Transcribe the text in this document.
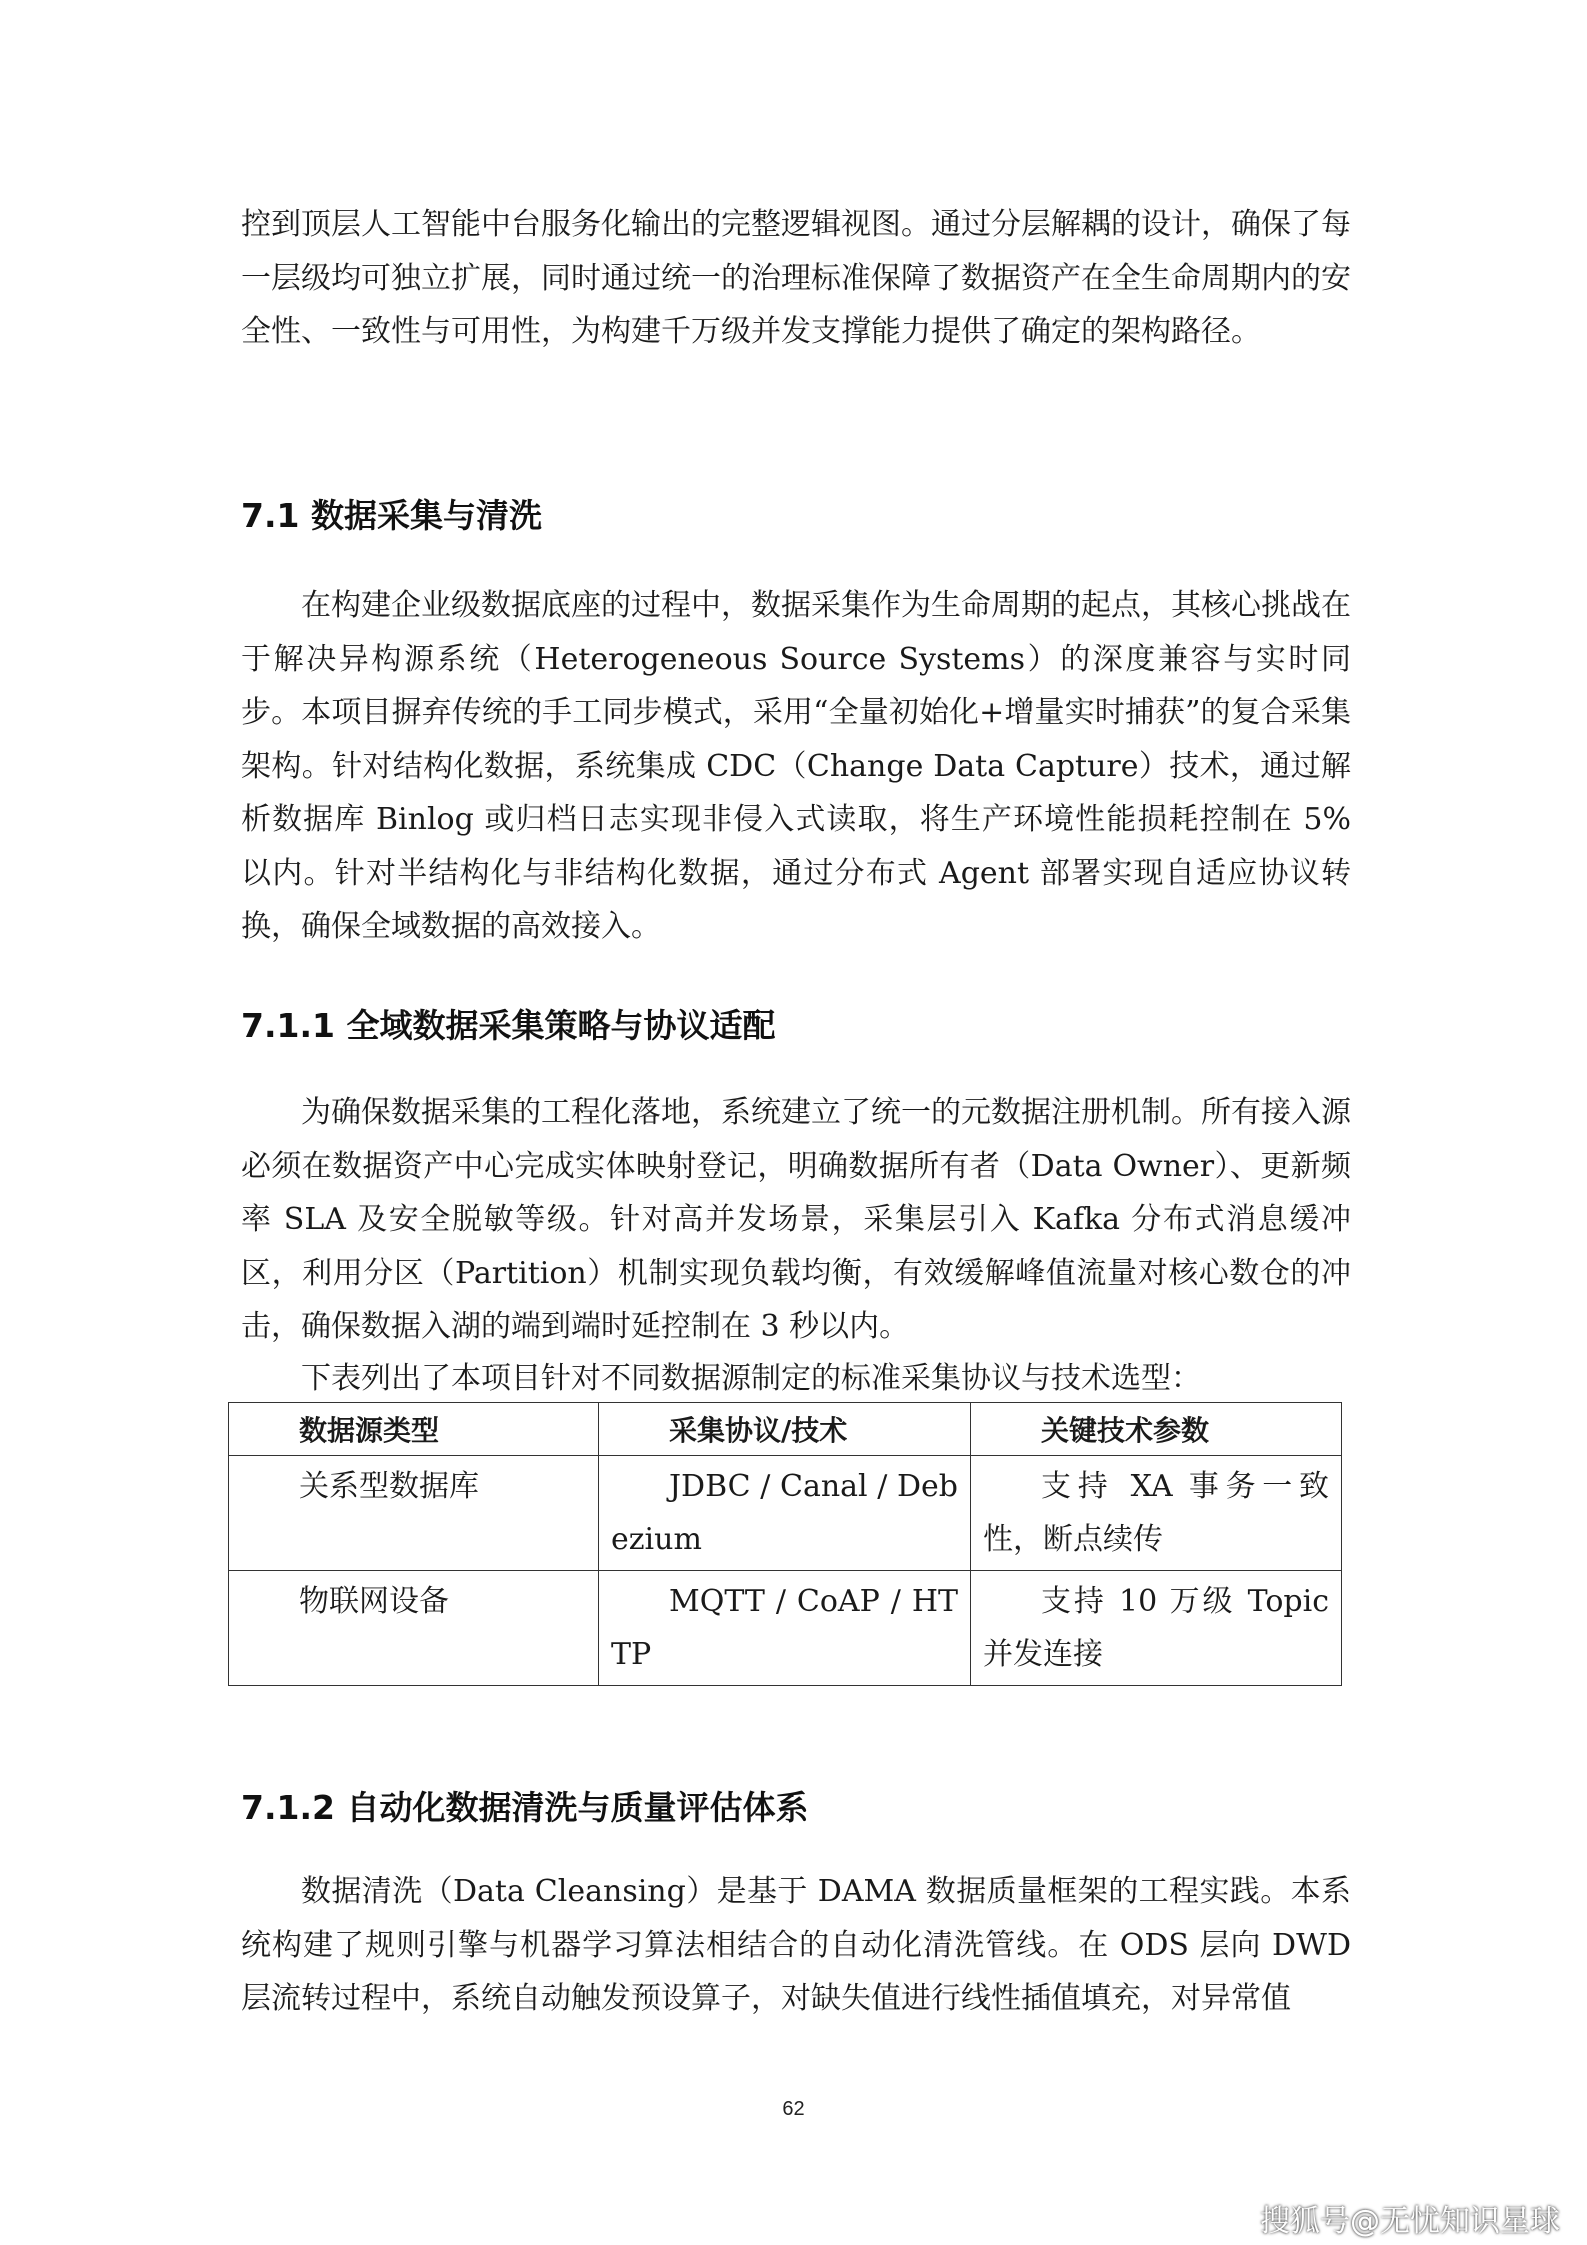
控到顶层人工智能中台服务化输出的完整逻辑视图。通过分层解耦的设计，确保了每一层级均可独立扩展，同时通过统一的治理标准保障了数据资产在全生命周期内的安全性、一致性与可用性，为构建千万级并发支撑能力提供了确定的架构路径。

7.1 数据采集与清洗

在构建企业级数据底座的过程中，数据采集作为生命周期的起点，其核心挑战在于解决异构源系统（Heterogeneous Source Systems）的深度兼容与实时同步。本项目摒弃传统的手工同步模式，采用“全量初始化+增量实时捕获”的复合采集架构。针对结构化数据，系统集成 CDC（Change Data Capture）技术，通过解析数据库 Binlog 或归档日志实现非侵入式读取，将生产环境性能损耗控制在 5% 以内。针对半结构化与非结构化数据，通过分布式 Agent 部署实现自适应协议转换，确保全域数据的高效接入。

7.1.1 全域数据采集策略与协议适配

为确保数据采集的工程化落地，系统建立了统一的元数据注册机制。所有接入源必须在数据资产中心完成实体映射登记，明确数据所有者（Data Owner）、更新频率 SLA 及安全脱敏等级。针对高并发场景，采集层引入 Kafka 分布式消息缓冲区，利用分区（Partition）机制实现负载均衡，有效缓解峰值流量对核心数仓的冲击，确保数据入湖的端到端时延控制在 3 秒以内。

下表列出了本项目针对不同数据源制定的标准采集协议与技术选型：

数据源类型	采集协议/技术	关键技术参数
关系型数据库	JDBC / Canal / Debezium	支持 XA 事务一致性，断点续传
物联网设备	MQTT / CoAP / HTTP	支持 10 万级 Topic 并发连接
7.1.2 自动化数据清洗与质量评估体系

数据清洗（Data Cleansing）是基于 DAMA 数据质量框架的工程实践。本系统构建了规则引擎与机器学习算法相结合的自动化清洗管线。在 ODS 层向 DWD 层流转过程中，系统自动触发预设算子，对缺失值进行线性插值填充，对异常值

62
搜狐号@无忧知识星球
